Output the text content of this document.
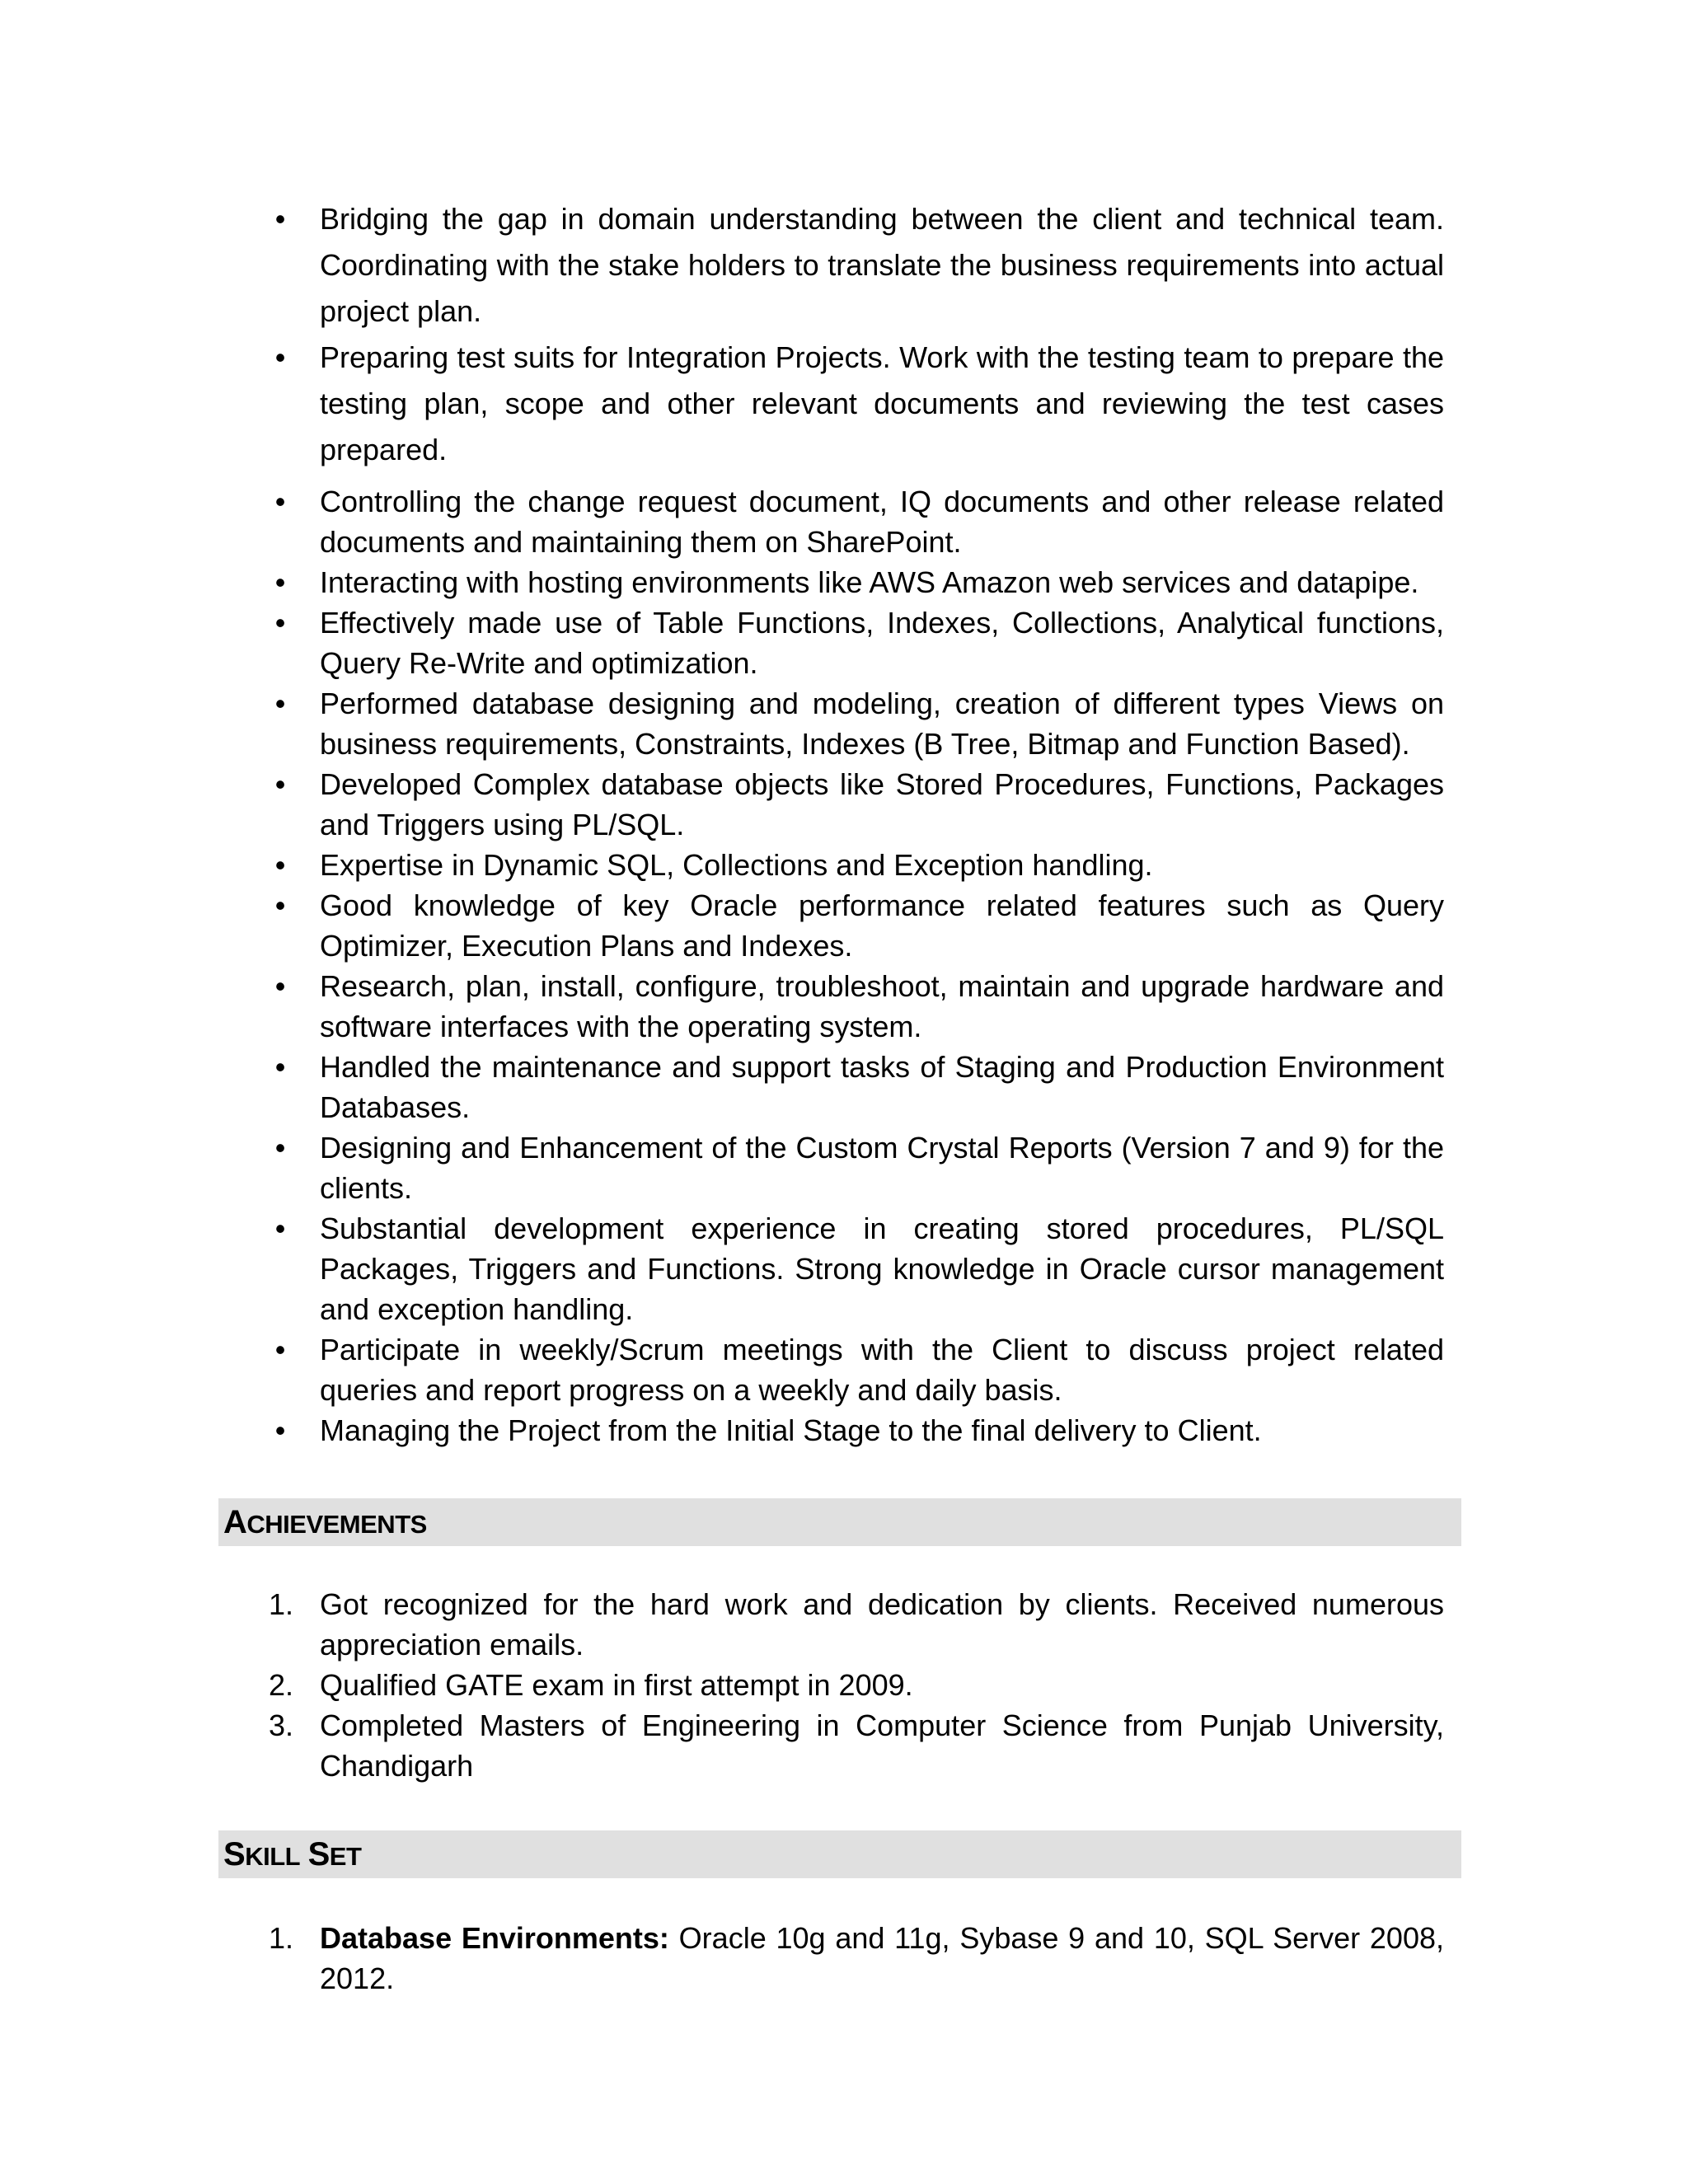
• Bridging the gap in domain understanding between the client and technical team. Coordinating with the stake holders to translate the business requirements into actual project plan.
• Preparing test suits for Integration Projects. Work with the testing team to prepare the testing plan, scope and other relevant documents and reviewing the test cases prepared.
• Controlling the change request document, IQ documents and other release related documents and maintaining them on SharePoint.
• Interacting with hosting environments like AWS Amazon web services and datapipe.
• Effectively made use of Table Functions, Indexes, Collections, Analytical functions, Query Re-Write and optimization.
• Performed database designing and modeling, creation of different types Views on business requirements, Constraints, Indexes (B Tree, Bitmap and Function Based).
• Developed Complex database objects like Stored Procedures, Functions, Packages and Triggers using PL/SQL.
• Expertise in Dynamic SQL, Collections and Exception handling.
• Good knowledge of key Oracle performance related features such as Query Optimizer, Execution Plans and Indexes.
• Research, plan, install, configure, troubleshoot, maintain and upgrade hardware and software interfaces with the operating system.
• Handled the maintenance and support tasks of Staging and Production Environment Databases.
• Designing and Enhancement of the Custom Crystal Reports (Version 7 and 9) for the clients.
• Substantial development experience in creating stored procedures, PL/SQL Packages, Triggers and Functions. Strong knowledge in Oracle cursor management and exception handling.
• Participate in weekly/Scrum meetings with the Client to discuss project related queries and report progress on a weekly and daily basis.
• Managing the Project from the Initial Stage to the final delivery to Client.
ACHIEVEMENTS
1. Got recognized for the hard work and dedication by clients. Received numerous appreciation emails.
2. Qualified GATE exam in first attempt in 2009.
3. Completed Masters of Engineering in Computer Science from Punjab University, Chandigarh
SKILL SET
1. Database Environments: Oracle 10g and 11g, Sybase 9 and 10, SQL Server 2008, 2012.
